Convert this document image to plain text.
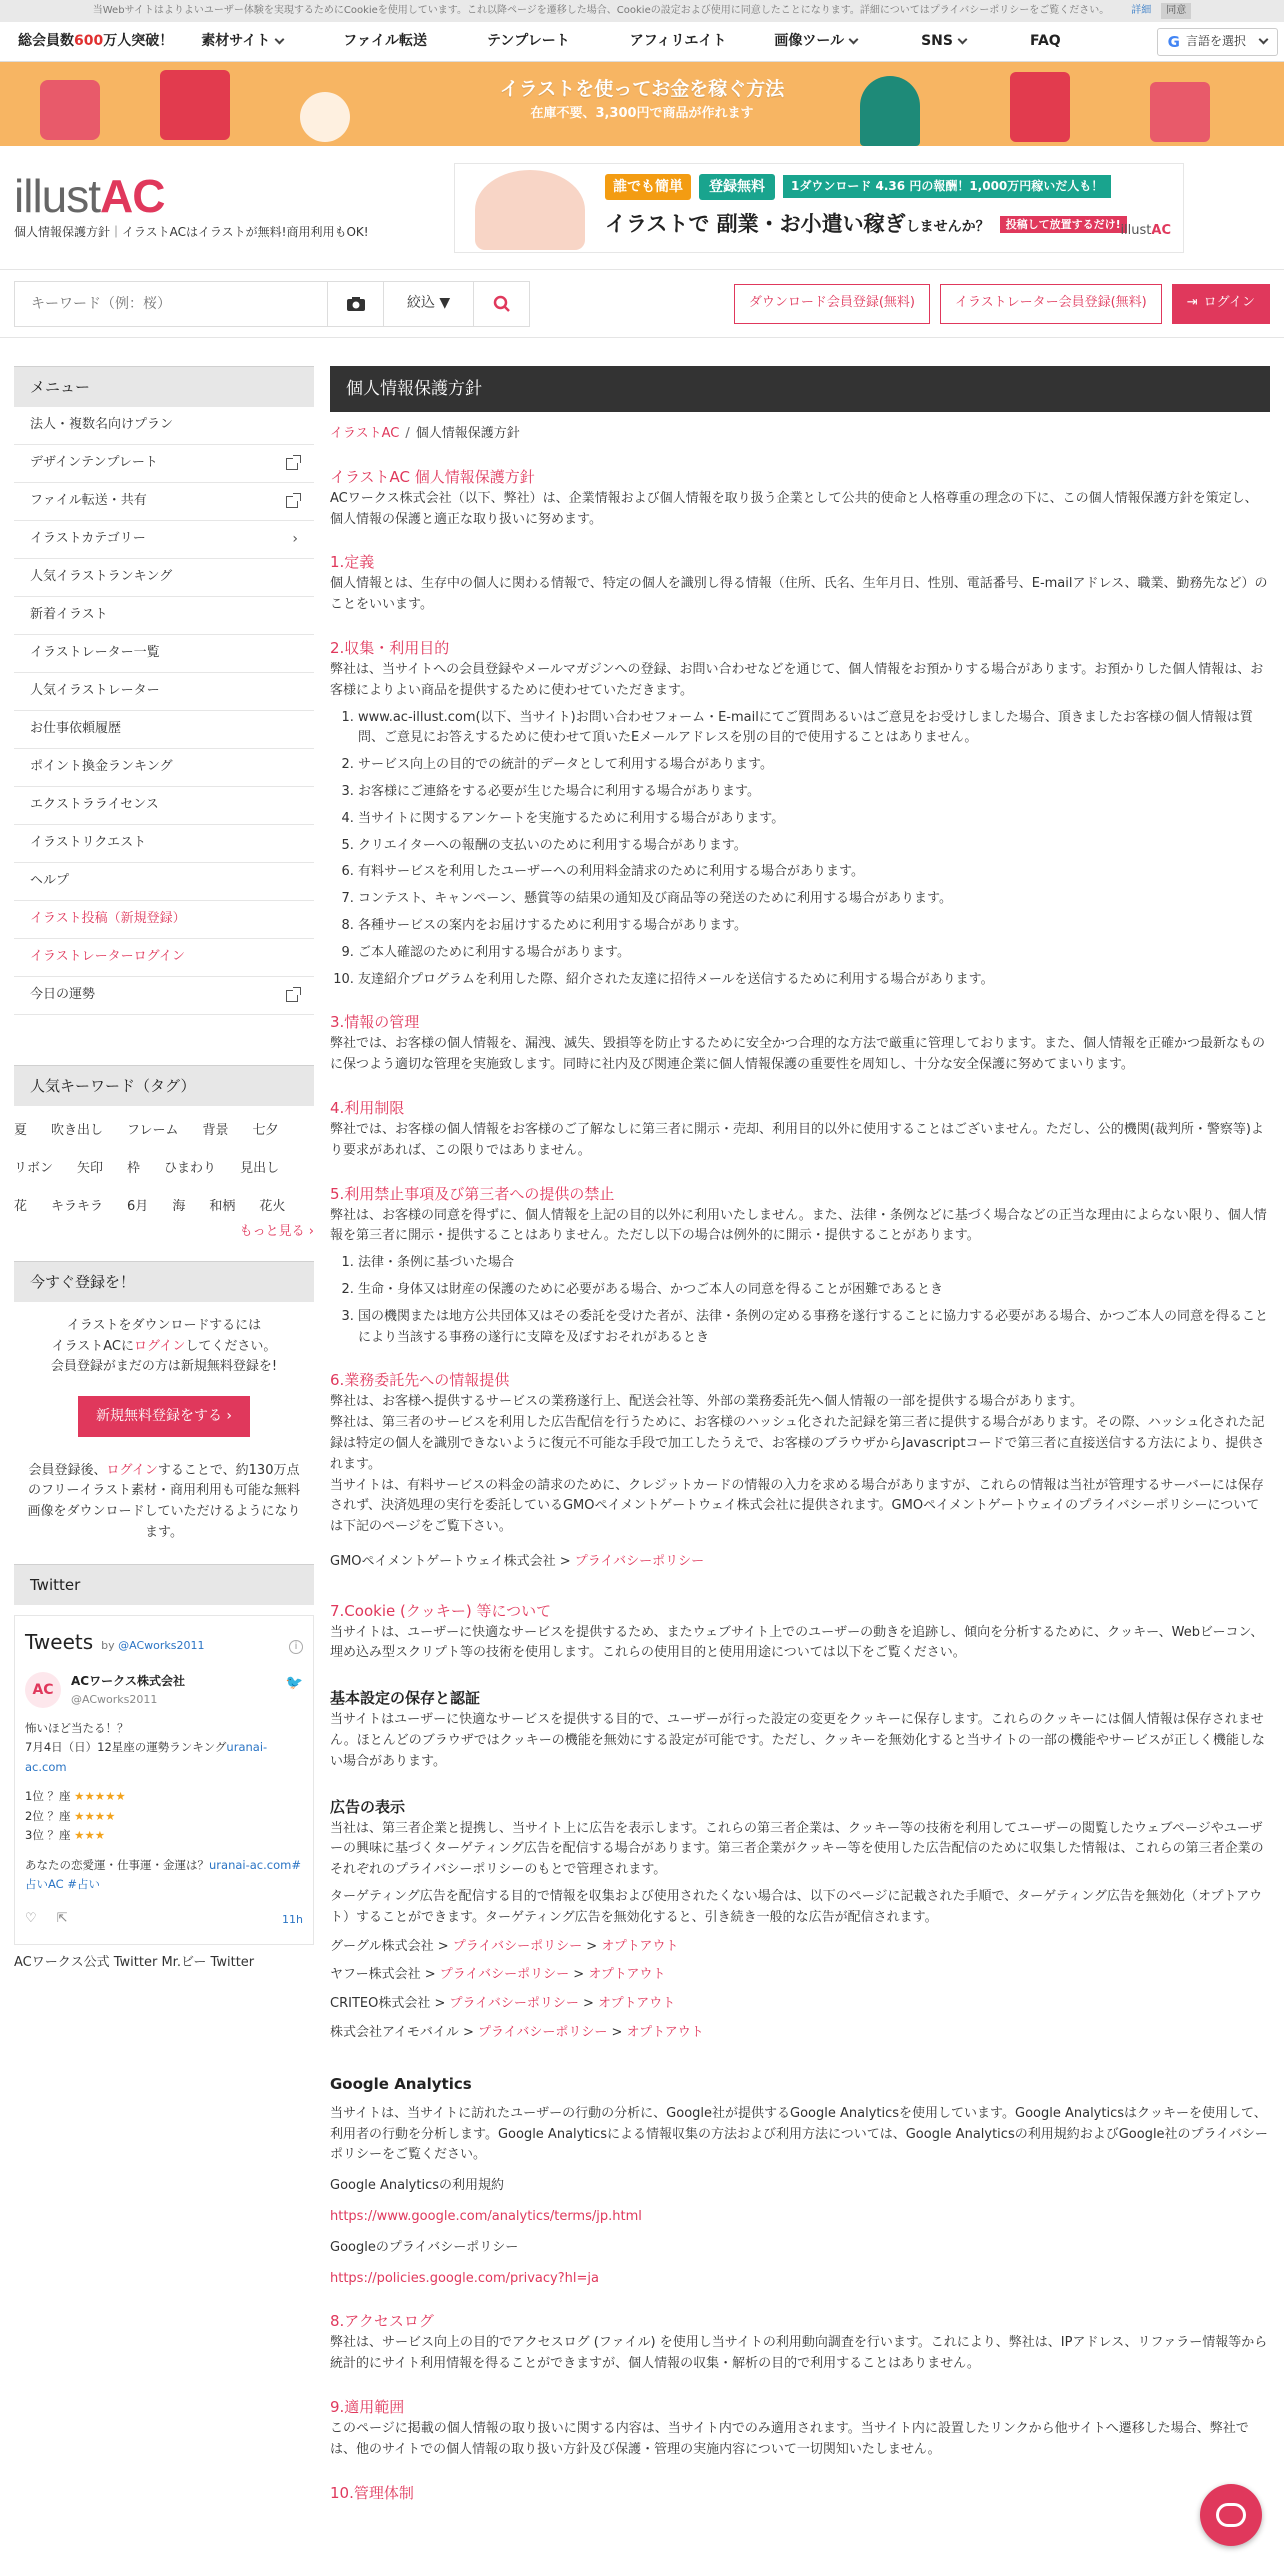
当Webサイトはよりよいユーザー体験を実現するためにCookieを使用しています。これ以降ページを遷移した場合、Cookieの設定および使用に同意したことになります。詳細についてはプライバシーポリシーをご覧ください。 詳細	同意
総会員数600万人突破！ 素材サイト	ファイル転送	テンプレート	アフィリエイト	画像ツール	SNS	FAQ	G 言語を選択
イラストを使ってお金を稼ぐ方法
在庫不要、3,300円で商品が作れます
illustAC
個人情報保護方針｜イラストACはイラストが無料!商用利用もOK!
誰でも簡単	登録無料	1ダウンロード 4.36 円の報酬！1,000万円稼いだ人も！
イラストで 副業・お小遣い稼ぎしませんか？ 投稿して放置するだけ! illustAC
キーワード（例：桜）
絞込 ▼	ダウンロード会員登録(無料)	イラストレーター会員登録(無料)	⇥ ログイン
メニュー
法人・複数名向けプラン
デザインテンプレート
ファイル転送・共有
イラストカテゴリー	›
人気イラストランキング
新着イラスト
イラストレーター一覧
人気イラストレーター
お仕事依頼履歴
ポイント換金ランキング
エクストラライセンス
イラストリクエスト
ヘルプ
イラスト投稿（新規登録）
イラストレーターログイン
今日の運勢
人気キーワード（タグ）
夏 吹き出し フレーム 背景 七夕
リボン 矢印 枠 ひまわり 見出し
花 キラキラ 6月 海 和柄 花火
もっと見る ›
今すぐ登録を！
イラストをダウンロードするには
イラストACにログインしてください。
会員登録がまだの方は新規無料登録を!
新規無料登録をする ›
会員登録後、ログインすることで、約130万点のフリーイラスト素材・商用利用も可能な無料画像をダウンロードしていただけるようになります。
Twitter
Tweets by @ACworks2011	i
AC
ACワークス株式会社
@ACworks2011
🐦
怖いほど当たる！？
7月4日（日）12星座の運勢ランキングuranai-ac.com
1位 ？座 ★★★★★
2位 ？座 ★★★★
3位 ？座 ★★★
あなたの恋愛運・仕事運・金運は？uranai-ac.com#占いAC #占い
♡ ⇱	11h
ACワークス公式 Twitter Mr.ビー Twitter
個人情報保護方針
イラストAC / 個人情報保護方針
イラストAC 個人情報保護方針

ACワークス株式会社（以下、弊社）は、企業情報および個人情報を取り扱う企業として公共的使命と人格尊重の理念の下に、この個人情報保護方針を策定し、個人情報の保護と適正な取り扱いに努めます。

1.定義

個人情報とは、生存中の個人に関わる情報で、特定の個人を識別し得る情報（住所、氏名、生年月日、性別、電話番号、E-mailアドレス、職業、勤務先など）のことをいいます。

2.収集・利用目的

弊社は、当サイトへの会員登録やメールマガジンへの登録、お問い合わせなどを通じて、個人情報をお預かりする場合があります。お預かりした個人情報は、お客様によりよい商品を提供するために使わせていただきます。

1. www.ac-illust.com(以下、当サイト)お問い合わせフォーム・E-mailにてご質問あるいはご意見をお受けしました場合、頂きましたお客様の個人情報は質問、ご意見にお答えするために使わせて頂いたEメールアドレスを別の目的で使用することはありません。
2. サービス向上の目的での統計的データとして利用する場合があります。
3. お客様にご連絡をする必要が生じた場合に利用する場合があります。
4. 当サイトに関するアンケートを実施するために利用する場合があります。
5. クリエイターへの報酬の支払いのために利用する場合があります。
6. 有料サービスを利用したユーザーへの利用料金請求のために利用する場合があります。
7. コンテスト、キャンペーン、懸賞等の結果の通知及び商品等の発送のために利用する場合があります。
8. 各種サービスの案内をお届けするために利用する場合があります。
9. ご本人確認のために利用する場合があります。
10. 友達紹介プログラムを利用した際、紹介された友達に招待メールを送信するために利用する場合があります。
3.情報の管理

弊社では、お客様の個人情報を、漏洩、滅失、毀損等を防止するために安全かつ合理的な方法で厳重に管理しております。また、個人情報を正確かつ最新なものに保つよう適切な管理を実施致します。同時に社内及び関連企業に個人情報保護の重要性を周知し、十分な安全保護に努めてまいります。

4.利用制限

弊社では、お客様の個人情報をお客様のご了解なしに第三者に開示・売却、利用目的以外に使用することはございません。ただし、公的機関(裁判所・警察等)より要求があれば、この限りではありません。

5.利用禁止事項及び第三者への提供の禁止

弊社は、お客様の同意を得ずに、個人情報を上記の目的以外に利用いたしません。また、法律・条例などに基づく場合などの正当な理由によらない限り、個人情報を第三者に開示・提供することはありません。ただし以下の場合は例外的に開示・提供することがあります。

1. 法律・条例に基づいた場合
2. 生命・身体又は財産の保護のために必要がある場合、かつご本人の同意を得ることが困難であるとき
3. 国の機関または地方公共団体又はその委託を受けた者が、法律・条例の定める事務を遂行することに協力する必要がある場合、かつご本人の同意を得ることにより当該する事務の遂行に支障を及ぼすおそれがあるとき
6.業務委託先への情報提供

弊社は、お客様へ提供するサービスの業務遂行上、配送会社等、外部の業務委託先へ個人情報の一部を提供する場合があります。
弊社は、第三者のサービスを利用した広告配信を行うために、お客様のハッシュ化された記録を第三者に提供する場合があります。その際、ハッシュ化された記録は特定の個人を識別できないように復元不可能な手段で加工したうえで、お客様のブラウザからJavascriptコードで第三者に直接送信する方法により、提供されます。
当サイトは、有料サービスの料金の請求のために、クレジットカードの情報の入力を求める場合がありますが、これらの情報は当社が管理するサーバーには保存されず、決済処理の実行を委託しているGMOペイメントゲートウェイ株式会社に提供されます。GMOペイメントゲートウェイのプライバシーポリシーについては下記のページをご覧下さい。

GMOペイメントゲートウェイ株式会社 > プライバシーポリシー
7.Cookie (クッキー) 等について

当サイトは、ユーザーに快適なサービスを提供するため、またウェブサイト上でのユーザーの動きを追跡し、傾向を分析するために、クッキー、Webビーコン、埋め込み型スクリプト等の技術を使用します。これらの使用目的と使用用途については以下をご覧ください。

基本設定の保存と認証

当サイトはユーザーに快適なサービスを提供する目的で、ユーザーが行った設定の変更をクッキーに保存します。これらのクッキーには個人情報は保存されません。ほとんどのブラウザではクッキーの機能を無効にする設定が可能です。ただし、クッキーを無効化すると当サイトの一部の機能やサービスが正しく機能しない場合があります。

広告の表示

当社は、第三者企業と提携し、当サイト上に広告を表示します。これらの第三者企業は、クッキー等の技術を利用してユーザーの閲覧したウェブページやユーザーの興味に基づくターゲティング広告を配信する場合があります。第三者企業がクッキー等を使用した広告配信のために収集した情報は、これらの第三者企業のそれぞれのプライバシーポリシーのもとで管理されます。

ターゲティング広告を配信する目的で情報を収集および使用されたくない場合は、以下のページに記載された手順で、ターゲティング広告を無効化（オプトアウト）することができます。ターゲティング広告を無効化すると、引き続き一般的な広告が配信されます。

グーグル株式会社 > プライバシーポリシー > オプトアウト
ヤフー株式会社 > プライバシーポリシー > オプトアウト
CRITEO株式会社 > プライバシーポリシー > オプトアウト
株式会社アイモバイル > プライバシーポリシー > オプトアウト
Google Analytics

当サイトは、当サイトに訪れたユーザーの行動の分析に、Google社が提供するGoogle Analyticsを使用しています。Google Analyticsはクッキーを使用して、利用者の行動を分析します。Google Analyticsによる情報収集の方法および利用方法については、Google Analyticsの利用規約およびGoogle社のプライバシーポリシーをご覧ください。

Google Analyticsの利用規約
https://www.google.com/analytics/terms/jp.html
Googleのプライバシーポリシー
https://policies.google.com/privacy?hl=ja
8.アクセスログ

弊社は、サービス向上の目的でアクセスログ (ファイル) を使用し当サイトの利用動向調査を行います。これにより、弊社は、IPアドレス、リファラー情報等から統計的にサイト利用情報を得ることができますが、個人情報の収集・解析の目的で利用することはありません。

9.適用範囲

このページに掲載の個人情報の取り扱いに関する内容は、当サイト内でのみ適用されます。当サイト内に設置したリンクから他サイトへ遷移した場合、弊社では、他のサイトでの個人情報の取り扱い方針及び保護・管理の実施内容について一切関知いたしません。

10.管理体制
